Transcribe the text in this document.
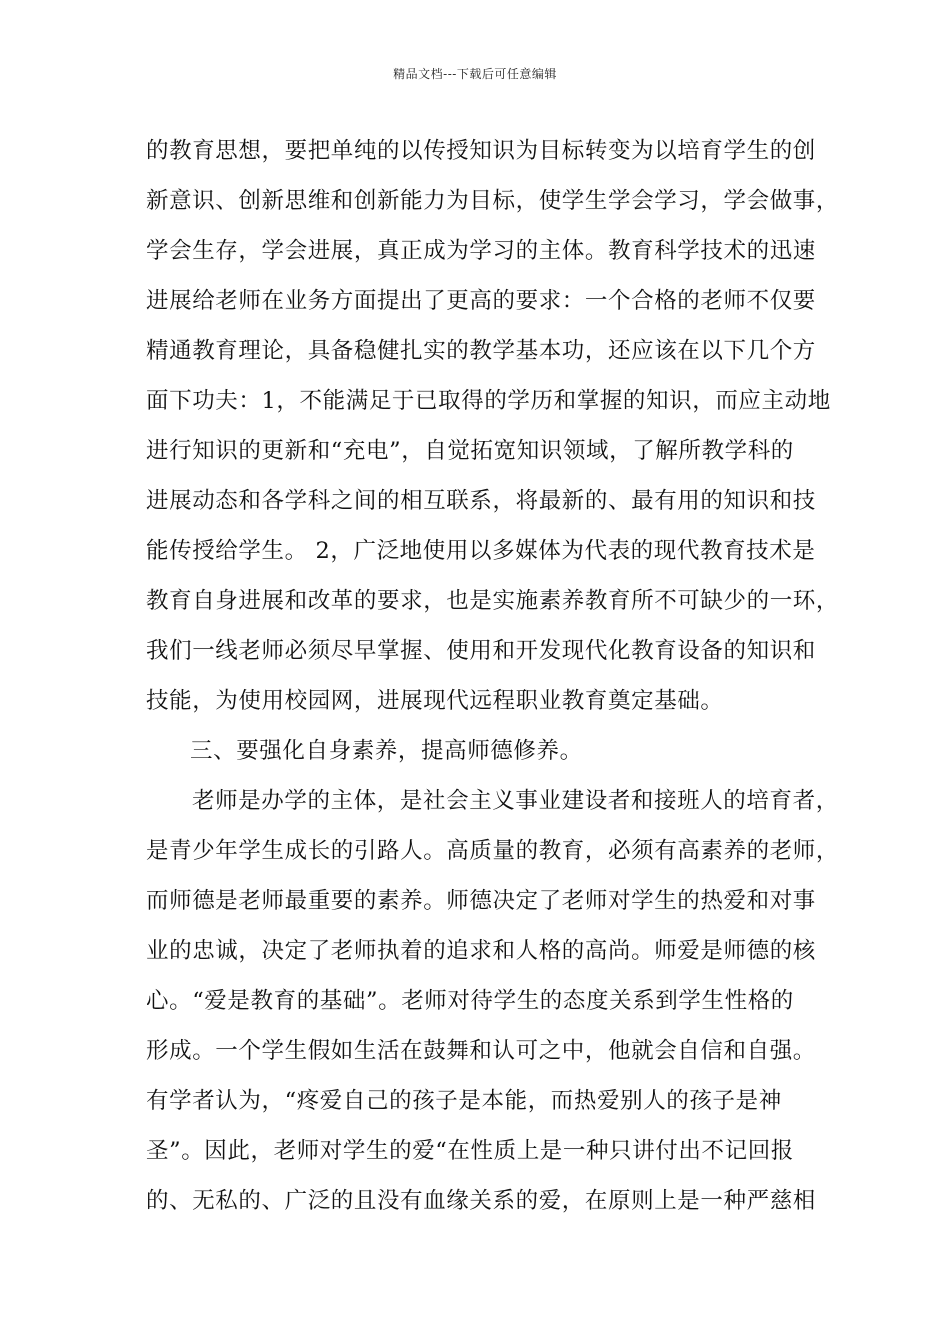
精品文档---下载后可任意编辑
的教育思想，要把单纯的以传授知识为目标转变为以培育学生的创
新意识、创新思维和创新能力为目标，使学生学会学习，学会做事，
学会生存，学会进展，真正成为学习的主体。教育科学技术的迅速
进展给老师在业务方面提出了更高的要求：一个合格的老师不仅要
精通教育理论，具备稳健扎实的教学基本功，还应该在以下几个方
面下功夫：1，不能满足于已取得的学历和掌握的知识，而应主动地
进行知识的更新和“充电”，自觉拓宽知识领域，了解所教学科的
进展动态和各学科之间的相互联系，将最新的、最有用的知识和技
能传授给学生。 2，广泛地使用以多媒体为代表的现代教育技术是
教育自身进展和改革的要求，也是实施素养教育所不可缺少的一环，
我们一线老师必须尽早掌握、使用和开发现代化教育设备的知识和
技能，为使用校园网，进展现代远程职业教育奠定基础。
三、要强化自身素养，提高师德修养。
老师是办学的主体，是社会主义事业建设者和接班人的培育者，
是青少年学生成长的引路人。高质量的教育，必须有高素养的老师，
而师德是老师最重要的素养。师德决定了老师对学生的热爱和对事
业的忠诚，决定了老师执着的追求和人格的高尚。师爱是师德的核
心。“爱是教育的基础”。老师对待学生的态度关系到学生性格的
形成。一个学生假如生活在鼓舞和认可之中，他就会自信和自强。
有学者认为，“疼爱自己的孩子是本能，而热爱别人的孩子是神
圣”。因此，老师对学生的爱“在性质上是一种只讲付出不记回报
的、无私的、广泛的且没有血缘关系的爱，在原则上是一种严慈相
